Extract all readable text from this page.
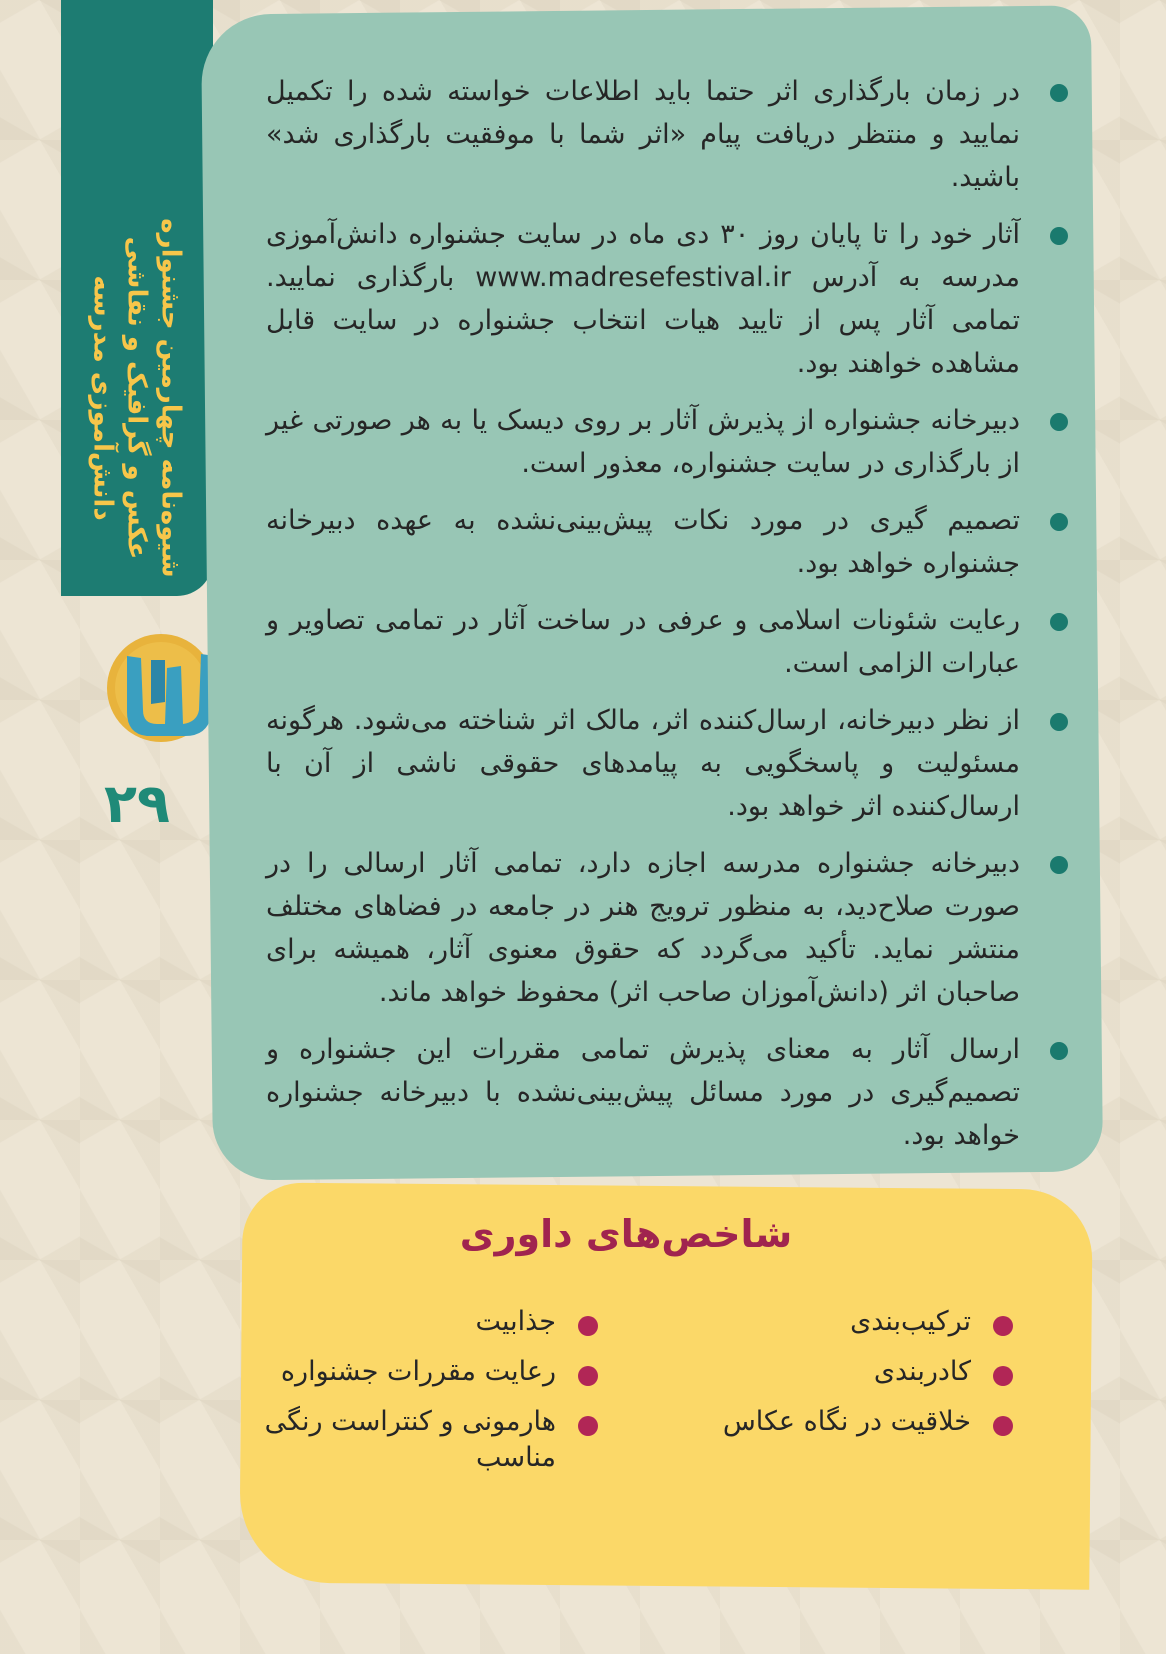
شیوه‌نامه چهارمین جشنواره
عکس و گرافیک و نقاشی
دانش‌آموزی مدرسه
۲۹
در زمان بارگذاری اثر حتما باید اطلاعات خواسته شده را تکمیل نمایید و منتظر دریافت پیام «اثر شما با موفقیت بارگذاری شد» باشید.
آثار خود را تا پایان روز ۳۰ دی ماه در سایت جشنواره دانش‌آموزی مدرسه به آدرس www.madresefestival.ir بارگذاری نمایید. تمامی آثار پس از تایید هیات انتخاب جشنواره در سایت قابل مشاهده خواهند بود.
دبیرخانه جشنواره از پذیرش آثار بر روی دیسک یا به هر صورتی غیر از بارگذاری در سایت جشنواره، معذور است.
تصمیم گیری در مورد نکات پیش‌بینی‌نشده به عهده دبیرخانه جشنواره خواهد بود.
رعایت شئونات اسلامی و عرفی در ساخت آثار در تمامی تصاویر و عبارات الزامی است.
از نظر دبیرخانه، ارسال‌کننده اثر، مالک اثر شناخته می‌شود. هرگونه مسئولیت و پاسخگویی به پیامدهای حقوقی ناشی از آن با ارسال‌کننده اثر خواهد بود.
دبیرخانه جشنواره مدرسه اجازه دارد، تمامی آثار ارسالی را در صورت صلاح‌دید، به منظور ترویج هنر در جامعه در فضاهای مختلف منتشر نماید. تأکید می‌گردد که حقوق معنوی آثار، همیشه برای صاحبان اثر (دانش‌آموزان صاحب اثر) محفوظ خواهد ماند.
ارسال آثار به معنای پذیرش تمامی مقررات این جشنواره و تصمیم‌گیری در مورد مسائل پیش‌بینی‌نشده با دبیرخانه جشنواره خواهد بود.
شاخص‌های داوری
ترکیب‌بندی
کادربندی
خلاقیت در نگاه عکاس
جذابیت
رعایت مقررات جشنواره
هارمونی و کنتراست رنگی مناسب
